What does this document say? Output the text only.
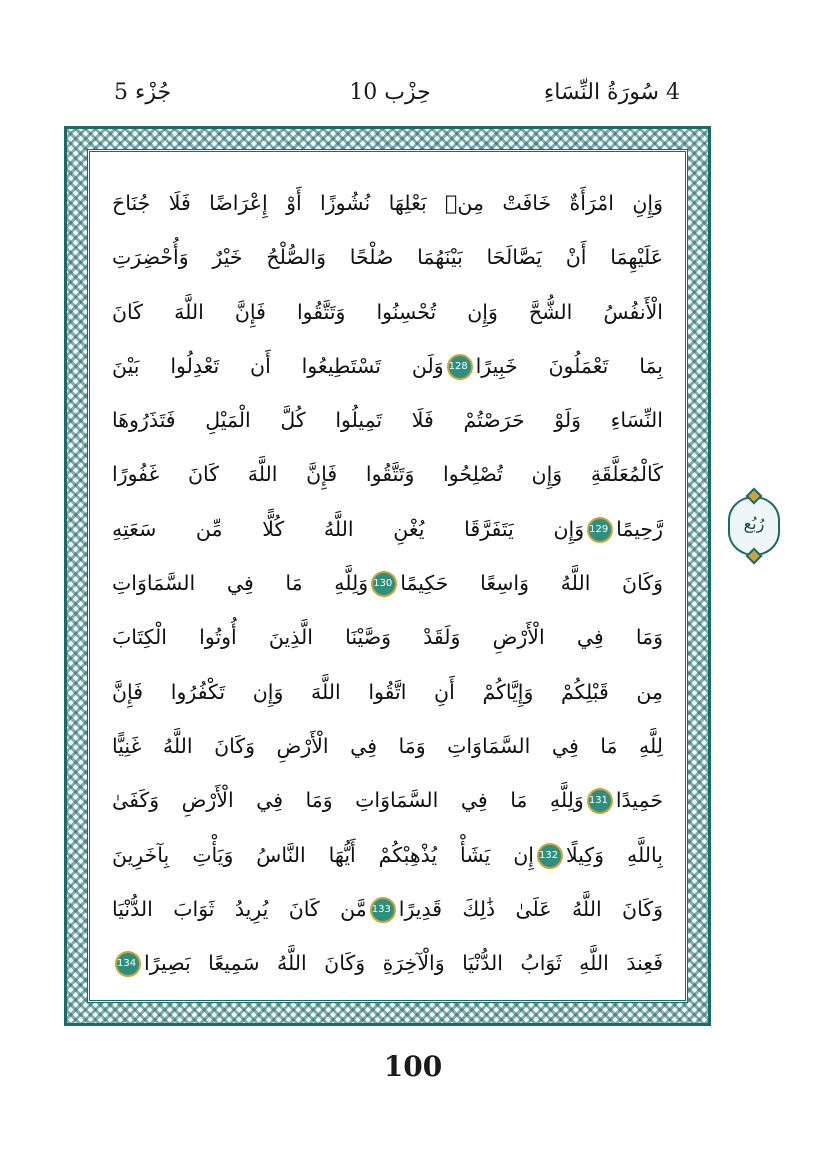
4 سُورَةُ النِّسَاءِ
حِزْب 10
جُزْء 5
وَإِنِ امْرَأَةٌ خَافَتْ مِنۢ بَعْلِهَا نُشُوزًا أَوْ إِعْرَاضًا فَلَا جُنَاحَ
عَلَيْهِمَا أَنْ يَصَّالَحَا بَيْنَهُمَا صُلْحًا وَالصُّلْحُ خَيْرٌ وَأُحْضِرَتِ
الْأَنفُسُ الشُّحَّ وَإِن تُحْسِنُوا وَتَتَّقُوا فَإِنَّ اللَّهَ كَانَ
بِمَا تَعْمَلُونَ خَبِيرًا128وَلَن تَسْتَطِيعُوا أَن تَعْدِلُوا بَيْنَ
النِّسَاءِ وَلَوْ حَرَصْتُمْ فَلَا تَمِيلُوا كُلَّ الْمَيْلِ فَتَذَرُوهَا
كَالْمُعَلَّقَةِ وَإِن تُصْلِحُوا وَتَتَّقُوا فَإِنَّ اللَّهَ كَانَ غَفُورًا
رَّحِيمًا129وَإِن يَتَفَرَّقَا يُغْنِ اللَّهُ كُلًّا مِّن سَعَتِهِ
وَكَانَ اللَّهُ وَاسِعًا حَكِيمًا130وَلِلَّهِ مَا فِي السَّمَاوَاتِ
وَمَا فِي الْأَرْضِ وَلَقَدْ وَصَّيْنَا الَّذِينَ أُوتُوا الْكِتَابَ
مِن قَبْلِكُمْ وَإِيَّاكُمْ أَنِ اتَّقُوا اللَّهَ وَإِن تَكْفُرُوا فَإِنَّ
لِلَّهِ مَا فِي السَّمَاوَاتِ وَمَا فِي الْأَرْضِ وَكَانَ اللَّهُ غَنِيًّا
حَمِيدًا131وَلِلَّهِ مَا فِي السَّمَاوَاتِ وَمَا فِي الْأَرْضِ وَكَفَىٰ
بِاللَّهِ وَكِيلًا132إِن يَشَأْ يُذْهِبْكُمْ أَيُّهَا النَّاسُ وَيَأْتِ بِآخَرِينَ
وَكَانَ اللَّهُ عَلَىٰ ذَٰلِكَ قَدِيرًا133مَّن كَانَ يُرِيدُ ثَوَابَ الدُّنْيَا
فَعِندَ اللَّهِ ثَوَابُ الدُّنْيَا وَالْآخِرَةِ وَكَانَ اللَّهُ سَمِيعًا بَصِيرًا134
رُبُع
100
